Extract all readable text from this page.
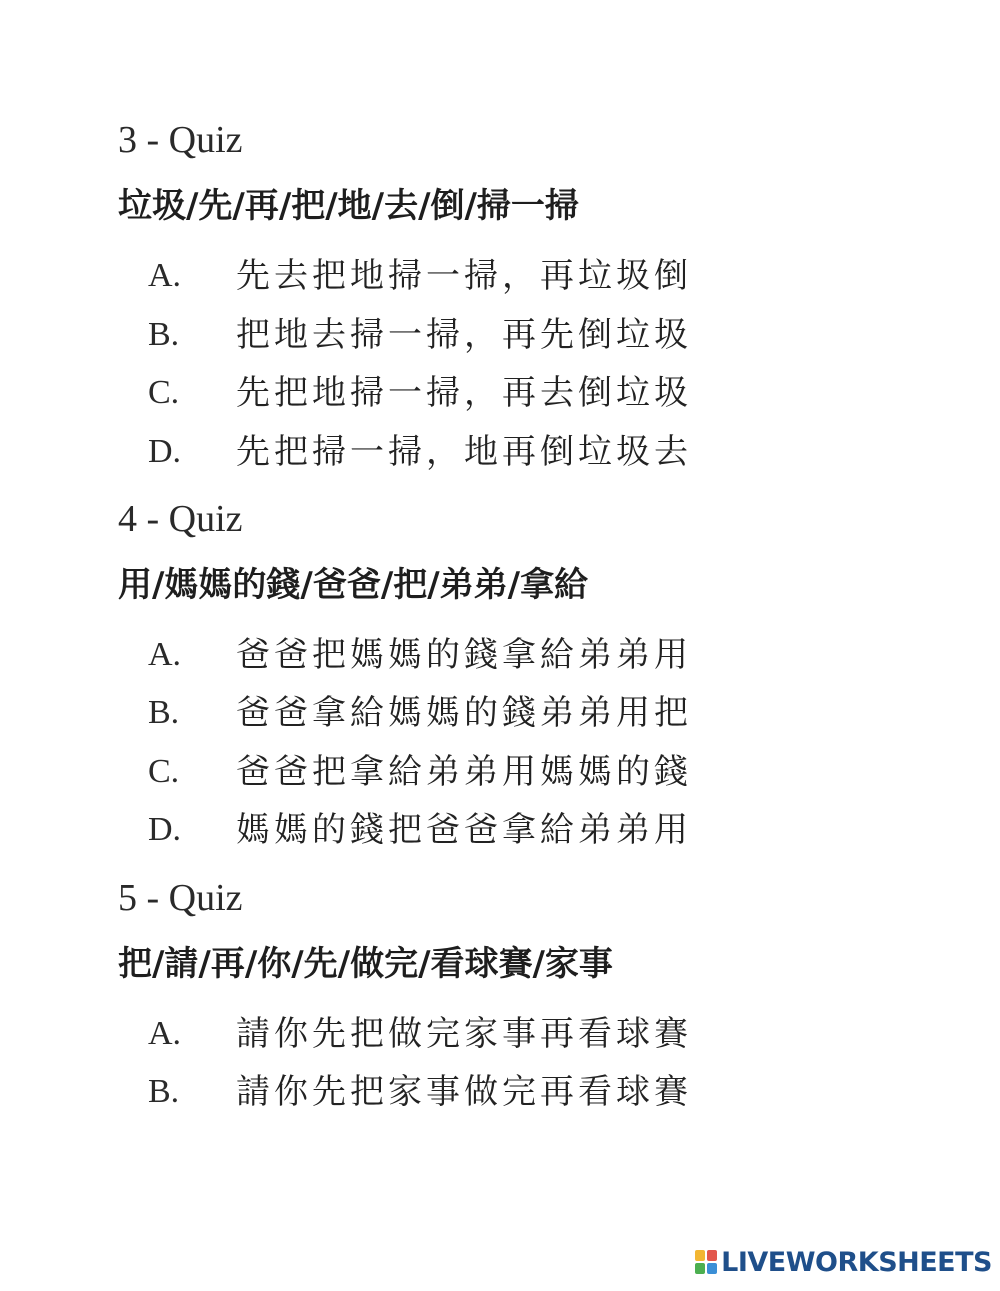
3 - Quiz
垃圾/先/再/把/地/去/倒/掃一掃
A. 先去把地掃一掃，再垃圾倒
B. 把地去掃一掃，再先倒垃圾
C. 先把地掃一掃，再去倒垃圾
D. 先把掃一掃，地再倒垃圾去
4 - Quiz
用/媽媽的錢/爸爸/把/弟弟/拿給
A. 爸爸把媽媽的錢拿給弟弟用
B. 爸爸拿給媽媽的錢弟弟用把
C. 爸爸把拿給弟弟用媽媽的錢
D. 媽媽的錢把爸爸拿給弟弟用
5 - Quiz
把/請/再/你/先/做完/看球賽/家事
A. 請你先把做完家事再看球賽
B. 請你先把家事做完再看球賽
LIVEWORKSHEETS
